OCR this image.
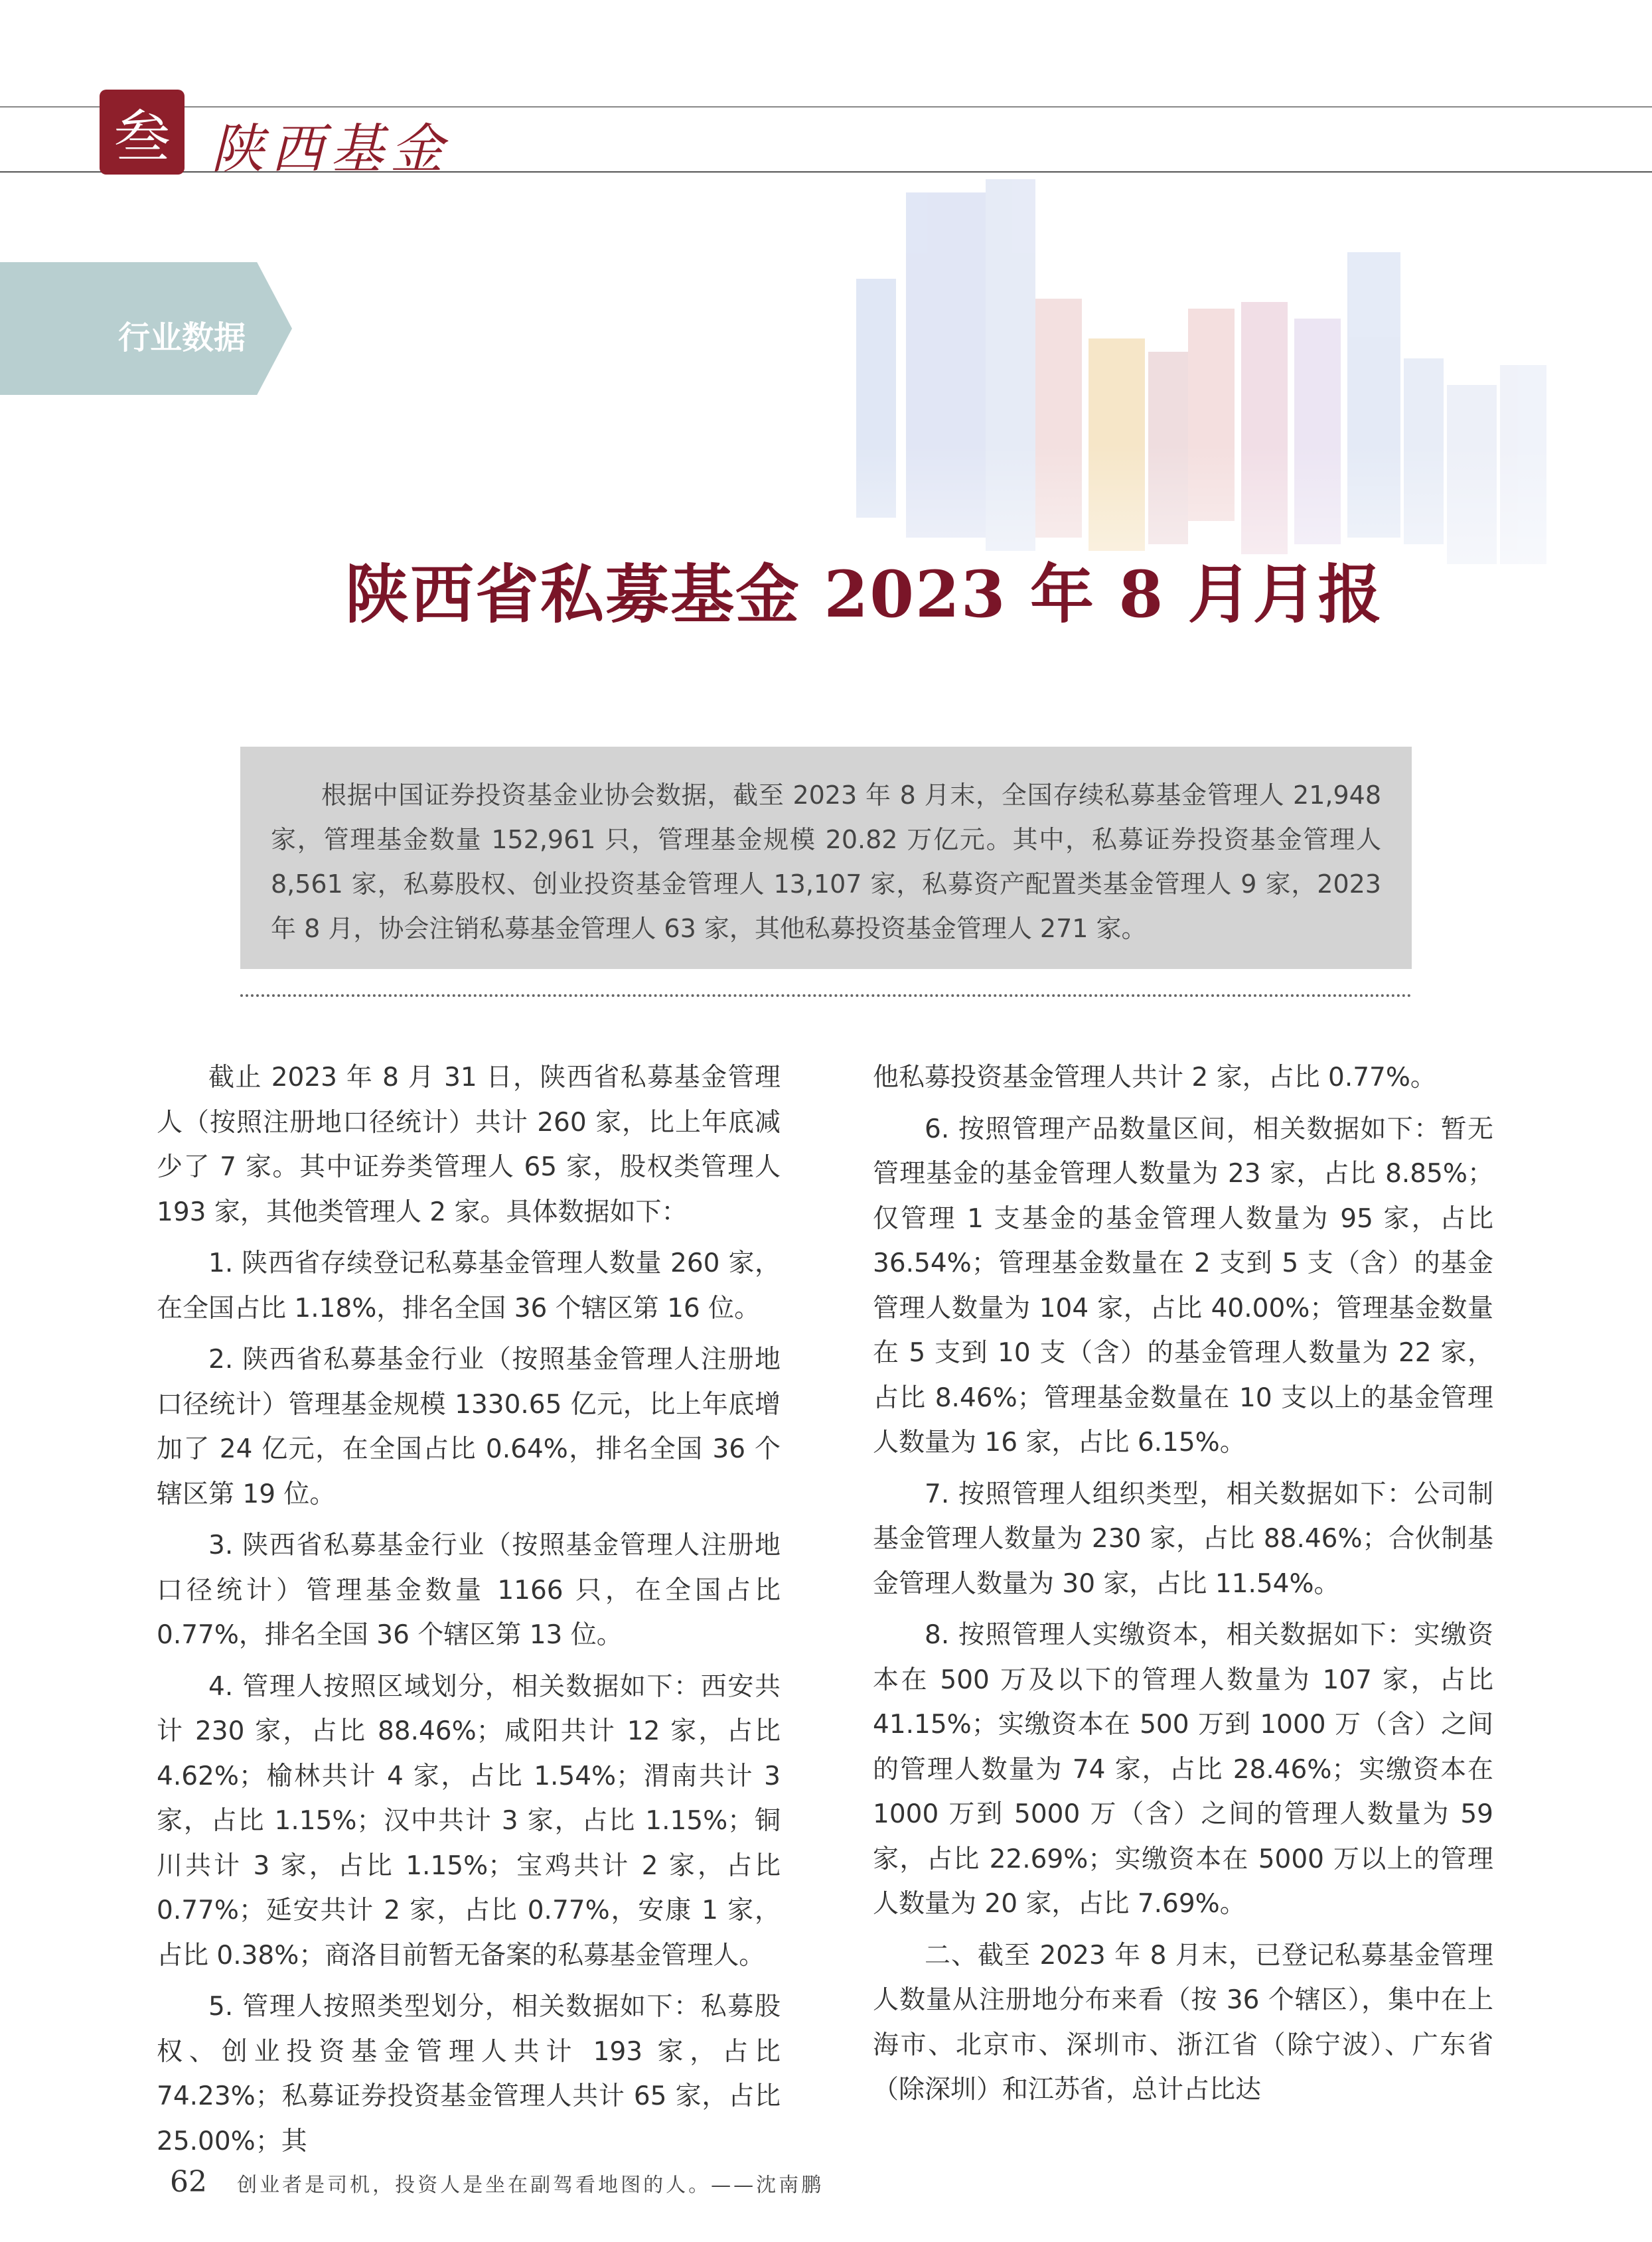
叁 陕西基金
行业数据
陕西省私募基金 2023 年 8 月月报

根据中国证券投资基金业协会数据，截至 2023 年 8 月末，全国存续私募基金管理人 21,948 家，管理基金数量 152,961 只，管理基金规模 20.82 万亿元。其中，私募证券投资基金管理人 8,561 家，私募股权、创业投资基金管理人 13,107 家，私募资产配置类基金管理人 9 家，2023 年 8 月，协会注销私募基金管理人 63 家，其他私募投资基金管理人 271 家。

截止 2023 年 8 月 31 日，陕西省私募基金管理人（按照注册地口径统计）共计 260 家，比上年底减少了 7 家。其中证券类管理人 65 家，股权类管理人 193 家，其他类管理人 2 家。具体数据如下：

1. 陕西省存续登记私募基金管理人数量 260 家，在全国占比 1.18%，排名全国 36 个辖区第 16 位。

2. 陕西省私募基金行业（按照基金管理人注册地口径统计）管理基金规模 1330.65 亿元，比上年底增加了 24 亿元，在全国占比 0.64%，排名全国 36 个辖区第 19 位。

3. 陕西省私募基金行业（按照基金管理人注册地口径统计）管理基金数量 1166 只，在全国占比 0.77%，排名全国 36 个辖区第 13 位。

4. 管理人按照区域划分，相关数据如下：西安共计 230 家，占比 88.46%；咸阳共计 12 家，占比 4.62%；榆林共计 4 家，占比 1.54%；渭南共计 3 家，占比 1.15%；汉中共计 3 家，占比 1.15%；铜川共计 3 家，占比 1.15%；宝鸡共计 2 家，占比 0.77%；延安共计 2 家，占比 0.77%，安康 1 家，占比 0.38%；商洛目前暂无备案的私募基金管理人。

5. 管理人按照类型划分，相关数据如下：私募股权、创业投资基金管理人共计 193 家，占比 74.23%；私募证券投资基金管理人共计 65 家，占比 25.00%；其

他私募投资基金管理人共计 2 家，占比 0.77%。

6. 按照管理产品数量区间，相关数据如下：暂无管理基金的基金管理人数量为 23 家，占比 8.85%；仅管理 1 支基金的基金管理人数量为 95 家，占比 36.54%；管理基金数量在 2 支到 5 支（含）的基金管理人数量为 104 家，占比 40.00%；管理基金数量在 5 支到 10 支（含）的基金管理人数量为 22 家，占比 8.46%；管理基金数量在 10 支以上的基金管理人数量为 16 家，占比 6.15%。

7. 按照管理人组织类型，相关数据如下：公司制基金管理人数量为 230 家，占比 88.46%；合伙制基金管理人数量为 30 家，占比 11.54%。

8. 按照管理人实缴资本，相关数据如下：实缴资本在 500 万及以下的管理人数量为 107 家，占比 41.15%；实缴资本在 500 万到 1000 万（含）之间的管理人数量为 74 家，占比 28.46%；实缴资本在 1000 万到 5000 万（含）之间的管理人数量为 59 家，占比 22.69%；实缴资本在 5000 万以上的管理人数量为 20 家，占比 7.69%。

二、截至 2023 年 8 月末，已登记私募基金管理人数量从注册地分布来看（按 36 个辖区），集中在上海市、北京市、深圳市、浙江省（除宁波）、广东省（除深圳）和江苏省，总计占比达

62 创业者是司机，投资人是坐在副驾看地图的人。——沈南鹏
